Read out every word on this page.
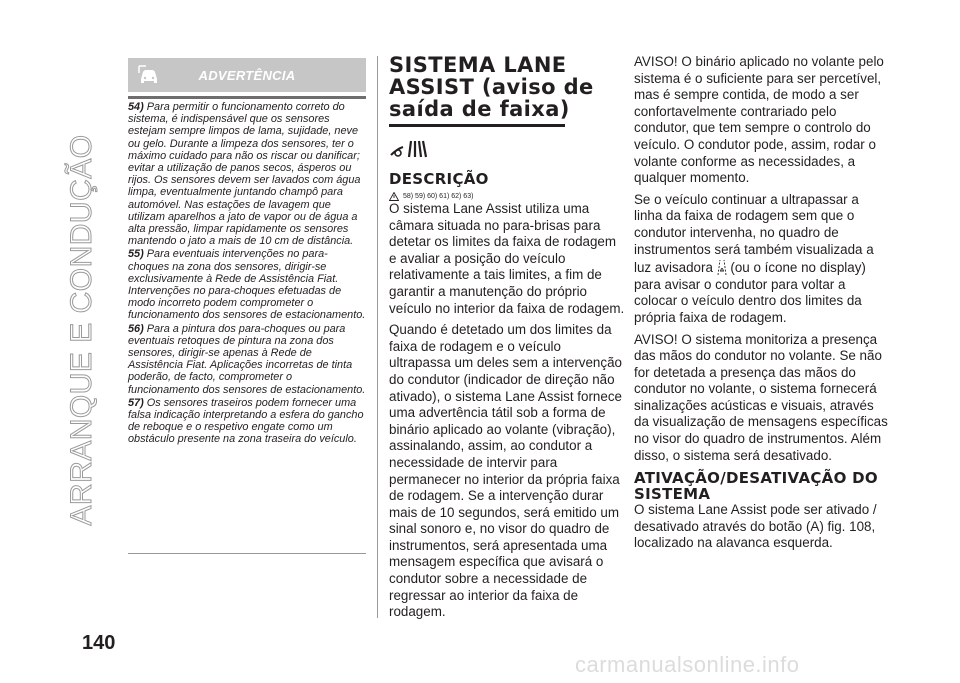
ARRANQUE E CONDUÇÃO
140
ADVERTÊNCIA

54) Para permitir o funcionamento correto do sistema, é indispensável que os sensores estejam sempre limpos de lama, sujidade, neve ou gelo. Durante a limpeza dos sensores, ter o máximo cuidado para não os riscar ou danificar; evitar a utilização de panos secos, ásperos ou rijos. Os sensores devem ser lavados com água limpa, eventualmente juntando champô para automóvel. Nas estações de lavagem que utilizam aparelhos a jato de vapor ou de água a alta pressão, limpar rapidamente os sensores mantendo o jato a mais de 10 cm de distância.

55) Para eventuais intervenções no para-choques na zona dos sensores, dirigir-se exclusivamente à Rede de Assistência Fiat. Intervenções no para-choques efetuadas de modo incorreto podem comprometer o funcionamento dos sensores de estacionamento.

56) Para a pintura dos para-choques ou para eventuais retoques de pintura na zona dos sensores, dirigir-se apenas à Rede de Assistência Fiat. Aplicações incorretas de tinta poderão, de facto, comprometer o funcionamento dos sensores de estacionamento.

57) Os sensores traseiros podem fornecer uma falsa indicação interpretando a esfera do gancho de reboque e o respetivo engate como um obstáculo presente na zona traseira do veículo.

SISTEMA LANE ASSIST (aviso de saída de faixa)
DESCRIÇÃO
58) 59) 60) 61) 62) 63)

O sistema Lane Assist utiliza uma câmara situada no para-brisas para detetar os limites da faixa de rodagem e avaliar a posição do veículo relativamente a tais limites, a fim de garantir a manutenção do próprio veículo no interior da faixa de rodagem.

Quando é detetado um dos limites da faixa de rodagem e o veículo ultrapassa um deles sem a intervenção do condutor (indicador de direção não ativado), o sistema Lane Assist fornece uma advertência tátil sob a forma de binário aplicado ao volante (vibração), assinalando, assim, ao condutor a necessidade de intervir para permanecer no interior da própria faixa de rodagem. Se a intervenção durar mais de 10 segundos, será emitido um sinal sonoro e, no visor do quadro de instrumentos, será apresentada uma mensagem específica que avisará o condutor sobre a necessidade de regressar ao interior da faixa de rodagem.

AVISO! O binário aplicado no volante pelo sistema é o suficiente para ser percetível, mas é sempre contida, de modo a ser confortavelmente contrariado pelo condutor, que tem sempre o controlo do veículo. O condutor pode, assim, rodar o volante conforme as necessidades, a qualquer momento.

Se o veículo continuar a ultrapassar a linha da faixa de rodagem sem que o condutor intervenha, no quadro de instrumentos será também visualizada a luz avisadora (ou o ícone no display) para avisar o condutor para voltar a colocar o veículo dentro dos limites da própria faixa de rodagem.

AVISO! O sistema monitoriza a presença das mãos do condutor no volante. Se não for detetada a presença das mãos do condutor no volante, o sistema fornecerá sinalizações acústicas e visuais, através da visualização de mensagens específicas no visor do quadro de instrumentos. Além disso, o sistema será desativado.

ATIVAÇÃO/DESATIVAÇÃO DO SISTEMA

O sistema Lane Assist pode ser ativado / desativado através do botão (A) fig. 108, localizado na alavanca esquerda.

carmanualsonline.info
